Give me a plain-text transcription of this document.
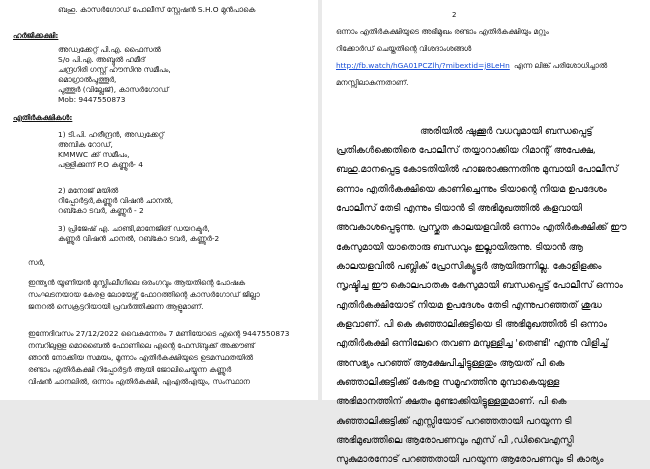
ബഹു. കാസർഗോഡ് പോലീസ് സ്റ്റേഷൻ S.H.O മുൻപാകെ
ഹർജിക്കക്ഷി:
അഡ്വക്കേറ്റ് പി.എ. ഫൈസൽ
S/o പി.എ. അബ്ദുൽ ഹമീദ്
ചന്ദ്രഗിരി ഗസ്റ്റ് ഹൗസിനു സമീപം,
മൊഗ്രാൽപുത്തൂർ,
പുത്തൂർ (വില്ലേജ്), കാസർഗോഡ്
Mob: 9447550873
എതിർകക്ഷികൾ:
1) ടി.പി. ഹരീന്ദ്രൻ, അഡ്വക്കേറ്റ്
അമ്പിക റോഡ്,
KMMWC ക്ക് സമീപം,
പള്ളിക്കുന്ന് P.O കണ്ണൂർ- 4
2) മനോജ് മയിൽ
റിപ്പോർട്ടർ,കണ്ണൂർ വിഷൻ ചാനൽ,
റബ്കോ ടവർ, കണ്ണൂർ - 2
3) പ്രിജേഷ് എ. ചാണ്ടി,മാനേജിങ് ഡയറക്ടർ,
കണ്ണൂർ വിഷൻ ചാനൽ, റബ്കോ ടവർ, കണ്ണൂർ-2
സർ,
ഇന്ത്യൻ യൂണിയൻ മുസ്ലിംലീഗിലെ ഒരംഗവും ആയതിന്റെ പോഷക
സംഘടനയായ കേരള ലോയേഴ്സ് ഫോറത്തിന്റെ കാസർഗോഡ് ജില്ലാ
ജനറൽ സെക്രട്ടറിയായി പ്രവർത്തിക്കുന്ന ആളുമാണ്.
ഇന്നേദിവസം 27/12/2022 വൈകുന്നേരം 7 മണിയോടെ എന്റെ 9447550873
നമ്പറിലുള്ള മൊബൈൽ ഫോണിലെ എന്റെ ഫേസ്ബുക്ക് അക്കൗണ്ട്
ഞാൻ നോക്കിയ സമയം, മൂന്നാം എതിർകക്ഷിയുടെ ഉടമസ്ഥതയിൽ
രണ്ടാം എതിർകക്ഷി റിപ്പോർട്ടർ ആയി ജോലിചെയ്യുന്ന കണ്ണൂർ
വിഷൻ ചാനലിൽ, ഒന്നാം എതിർകക്ഷി, എഎൽഎയും, സംസ്ഥാന
2
ഒന്നാം എതിർകക്ഷിയുടെ അഭിമുഖം രണ്ടാം എതിർകക്ഷിയും മറ്റും
റിക്കോർഡ് ചെയ്തതിന്റെ വിശദാംശങ്ങൾ
http://fb.watch/hGA01PCZlh/?mibextid=j8LeHn എന്ന ലിങ്ക് പരിശോധിച്ചാൽ
മനസ്സിലാകുന്നതാണ്.
അരിയിൽ ഷുക്കൂർ വധവുമായി ബന്ധപ്പെട്ട്
പ്രതികൾക്കെതിരെ പോലീസ് തയ്യാറാക്കിയ റിമാന്റ് അപേക്ഷ,
ബഹു.മാനപ്പെട്ട കോടതിയിൽ ഹാജരാക്കുന്നതിനു മുമ്പായി പോലീസ്
ഒന്നാം എതിർകക്ഷിയെ കാണിച്ചെന്നും ടിയാന്റെ നിയമ ഉപദേശം
പോലീസ് തേടി എന്നും ടിയാൻ ടി അഭിമുഖത്തിൽ കളവായി
അവകാശപ്പെടുന്നു. പ്രസ്തുത കാലയളവിൽ ഒന്നാം എതിർകക്ഷിക്ക് ഈ
കേസുമായി യാതൊരു ബന്ധവും ഇല്ലായിരുന്നു. ടിയാൻ ആ
കാലയളവിൽ പബ്ലിക് പ്രോസിക്യൂട്ടർ ആയിരുന്നില്ല. കോളിളക്കം
സൃഷ്ടിച്ച ഈ കൊലപാതക കേസുമായി ബന്ധപ്പെട്ട് പോലീസ് ഒന്നാം
എതിർകക്ഷിയോട് നിയമ ഉപദേശം തേടി എന്നുപറഞ്ഞത് ശുദ്ധ
കളവാണ്. പി കെ കുഞ്ഞാലിക്കുട്ടിയെ ടി അഭിമുഖത്തിൽ ടി ഒന്നാം
എതിർകക്ഷി ഒന്നിലേറെ തവണ മമ്പുള്ളിച്ച 'തെണ്ടി' എന്നു വിളിച്ച്
അസഭ്യം പറഞ്ഞ് ആക്ഷേപിച്ചിട്ടുള്ളതും ആയത് പി കെ
കുഞ്ഞാലിക്കുട്ടിക്ക് കേരള സമൂഹത്തിനു മുമ്പാകെയുള്ള
അഭിമാനത്തിന് ക്ഷതം മുണ്ടാക്കിയിട്ടുള്ളതുമാണ്. പി കെ
കുഞ്ഞാലിക്കുട്ടിക്ക് എസ്സിയോട് പറഞ്ഞതായി പറയുന്ന ടി
അഭിമുഖത്തിലെ ആരോപണവും എസ് പി ,ഡിവൈഎസ്പി
സുകുമാരനോട് പറഞ്ഞതായി പറയുന്ന ആരോപണവും ടി കാര്യം
